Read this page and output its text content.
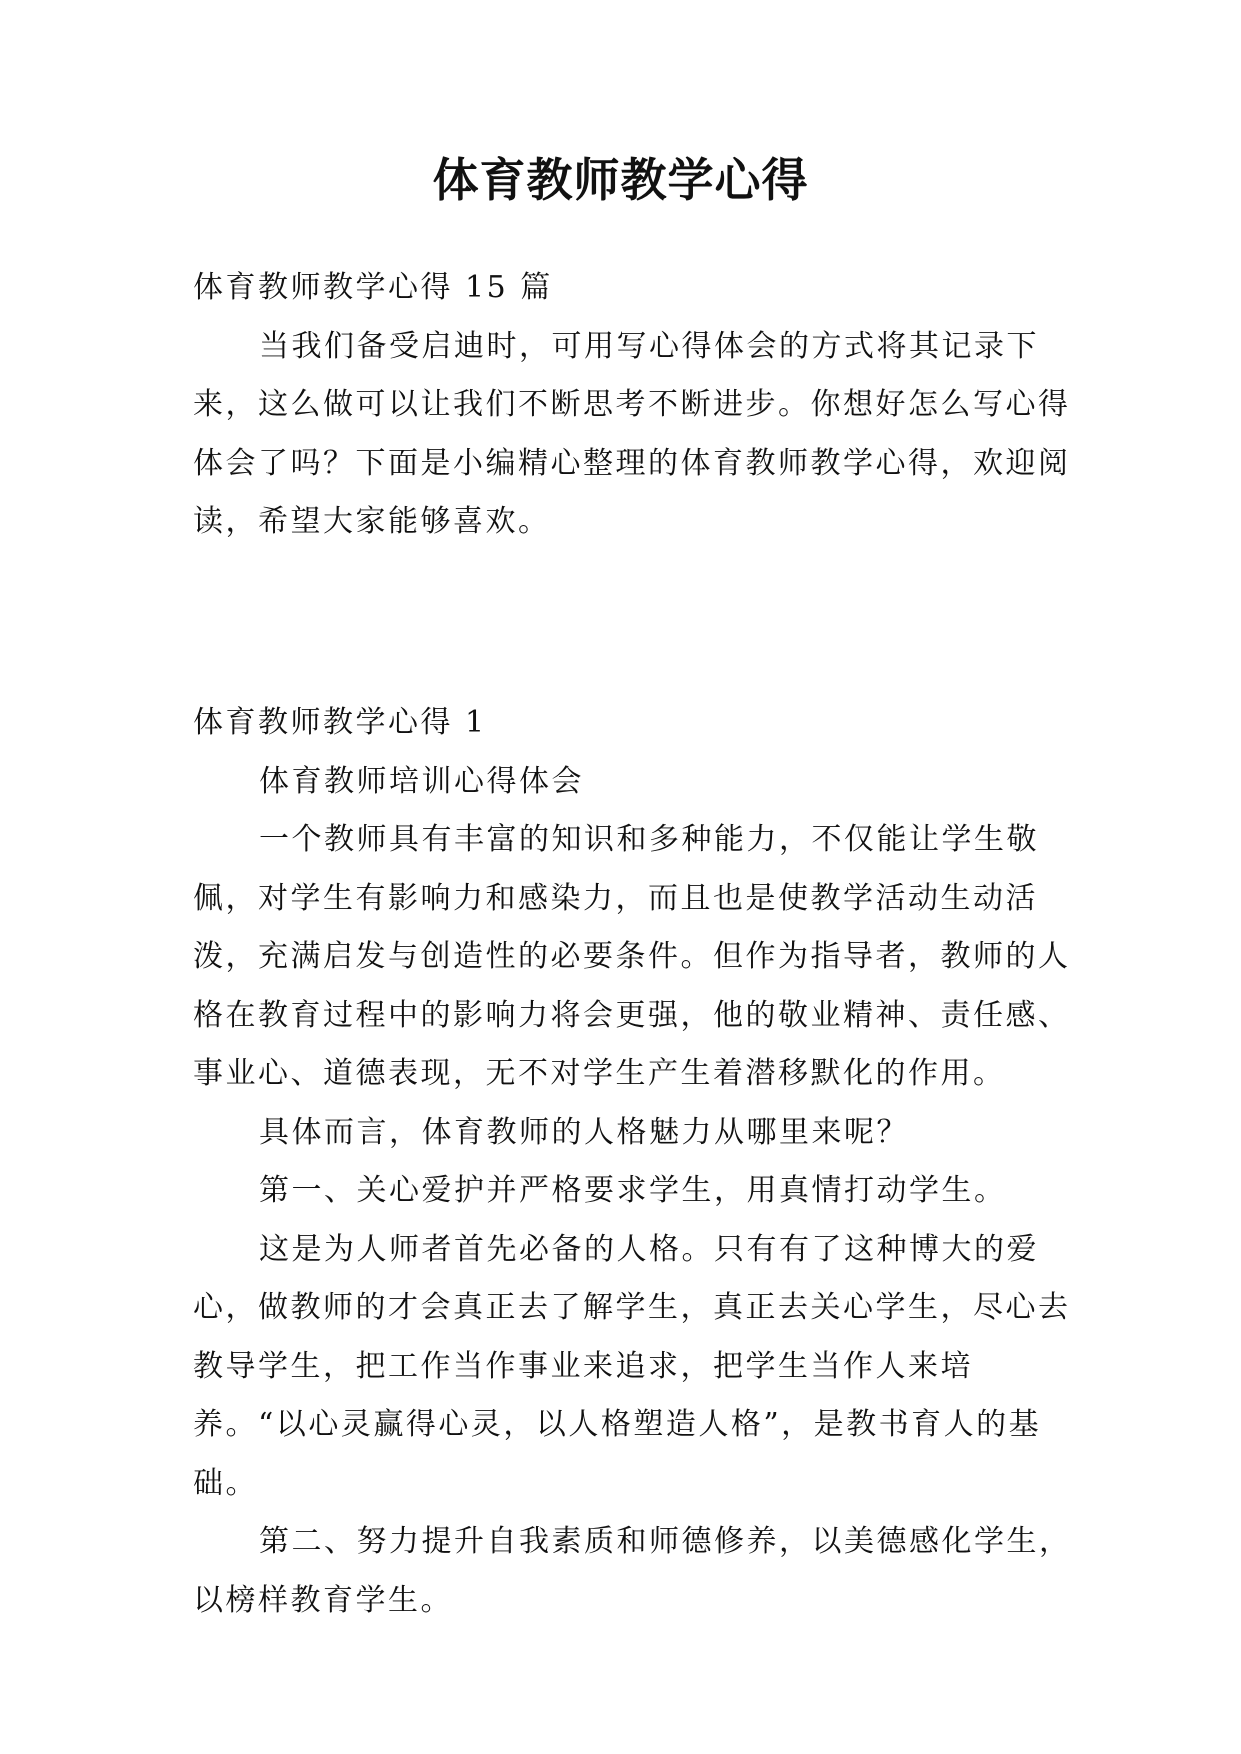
体育教师教学心得

体育教师教学心得 15 篇

当我们备受启迪时，可用写心得体会的方式将其记录下来，这么做可以让我们不断思考不断进步。你想好怎么写心得体会了吗？下面是小编精心整理的体育教师教学心得，欢迎阅读，希望大家能够喜欢。

体育教师教学心得 1

体育教师培训心得体会

一个教师具有丰富的知识和多种能力，不仅能让学生敬佩，对学生有影响力和感染力，而且也是使教学活动生动活泼，充满启发与创造性的必要条件。但作为指导者，教师的人格在教育过程中的影响力将会更强，他的敬业精神、责任感、事业心、道德表现，无不对学生产生着潜移默化的作用。

具体而言，体育教师的人格魅力从哪里来呢？

第一、关心爱护并严格要求学生，用真情打动学生。

这是为人师者首先必备的人格。只有有了这种博大的爱心，做教师的才会真正去了解学生，真正去关心学生，尽心去教导学生，把工作当作事业来追求，把学生当作人来培养。“以心灵赢得心灵，以人格塑造人格”，是教书育人的基础。

第二、努力提升自我素质和师德修养，以美德感化学生，以榜样教育学生。
